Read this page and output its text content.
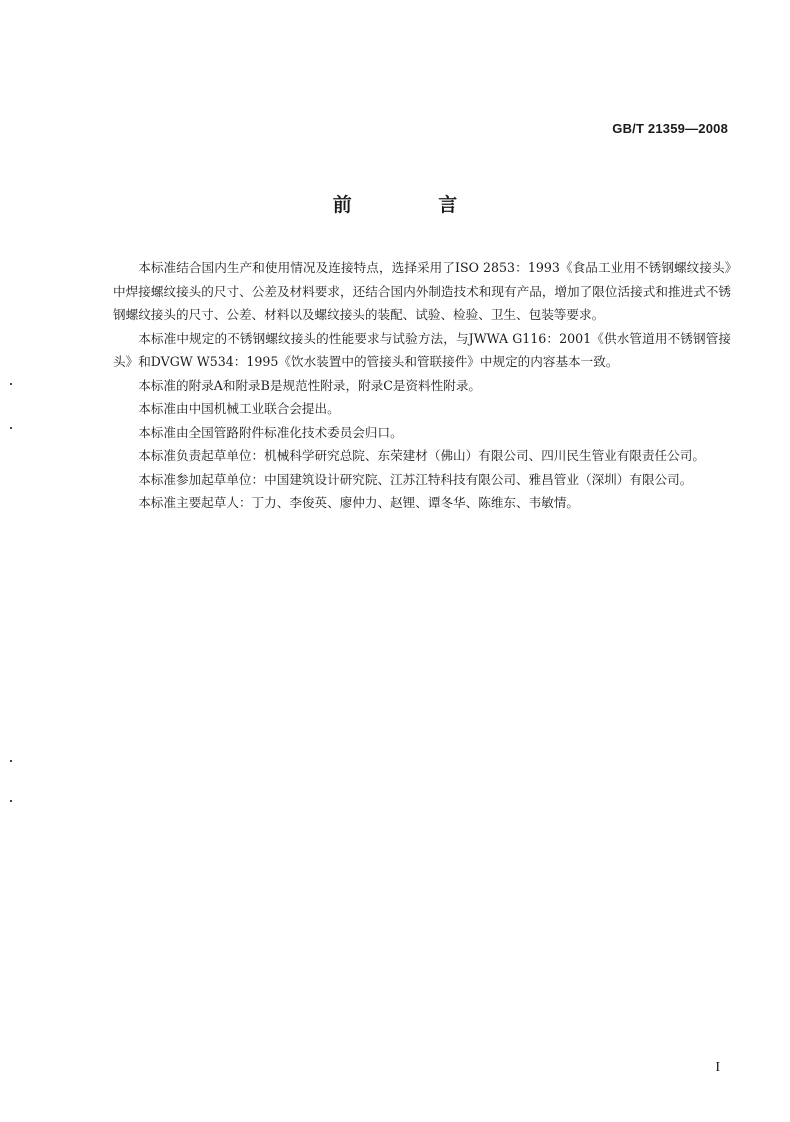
GB/T 21359—2008
前 言

本标准结合国内生产和使用情况及连接特点，选择采用了ISO 2853：1993《食品工业用不锈钢螺纹接头》中焊接螺纹接头的尺寸、公差及材料要求，还结合国内外制造技术和现有产品，增加了限位活接式和推进式不锈钢螺纹接头的尺寸、公差、材料以及螺纹接头的装配、试验、检验、卫生、包装等要求。

本标准中规定的不锈钢螺纹接头的性能要求与试验方法，与JWWA G116：2001《供水管道用不锈钢管接头》和DVGW W534：1995《饮水装置中的管接头和管联接件》中规定的内容基本一致。

本标准的附录A和附录B是规范性附录，附录C是资料性附录。

本标准由中国机械工业联合会提出。

本标准由全国管路附件标准化技术委员会归口。

本标准负责起草单位：机械科学研究总院、东荣建材（佛山）有限公司、四川民生管业有限责任公司。

本标准参加起草单位：中国建筑设计研究院、江苏江特科技有限公司、雅昌管业（深圳）有限公司。

本标准主要起草人：丁力、李俊英、廖仲力、赵锂、谭冬华、陈维东、韦敏情。

I
